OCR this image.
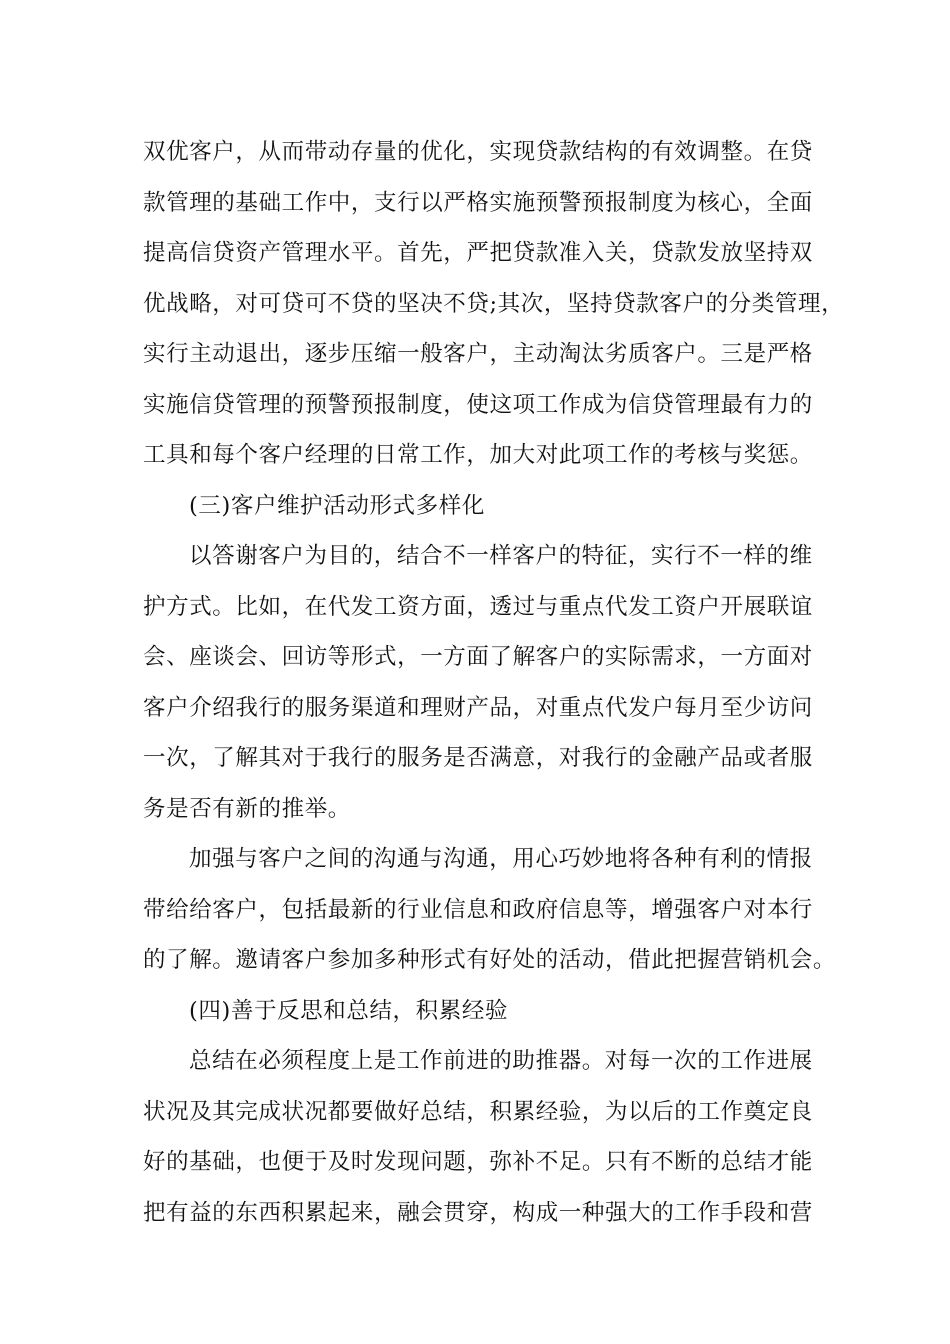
双优客户，从而带动存量的优化，实现贷款结构的有效调整。在贷
款管理的基础工作中，支行以严格实施预警预报制度为核心，全面
提高信贷资产管理水平。首先，严把贷款准入关，贷款发放坚持双
优战略，对可贷可不贷的坚决不贷;其次，坚持贷款客户的分类管理，
实行主动退出，逐步压缩一般客户，主动淘汰劣质客户。三是严格
实施信贷管理的预警预报制度，使这项工作成为信贷管理最有力的
工具和每个客户经理的日常工作，加大对此项工作的考核与奖惩。
(三)客户维护活动形式多样化
以答谢客户为目的，结合不一样客户的特征，实行不一样的维
护方式。比如，在代发工资方面，透过与重点代发工资户开展联谊
会、座谈会、回访等形式，一方面了解客户的实际需求，一方面对
客户介绍我行的服务渠道和理财产品，对重点代发户每月至少访问
一次，了解其对于我行的服务是否满意，对我行的金融产品或者服
务是否有新的推举。
加强与客户之间的沟通与沟通，用心巧妙地将各种有利的情报
带给给客户，包括最新的行业信息和政府信息等，增强客户对本行
的了解。邀请客户参加多种形式有好处的活动，借此把握营销机会。
(四)善于反思和总结，积累经验
总结在必须程度上是工作前进的助推器。对每一次的工作进展
状况及其完成状况都要做好总结，积累经验，为以后的工作奠定良
好的基础，也便于及时发现问题，弥补不足。只有不断的总结才能
把有益的东西积累起来，融会贯穿，构成一种强大的工作手段和营
